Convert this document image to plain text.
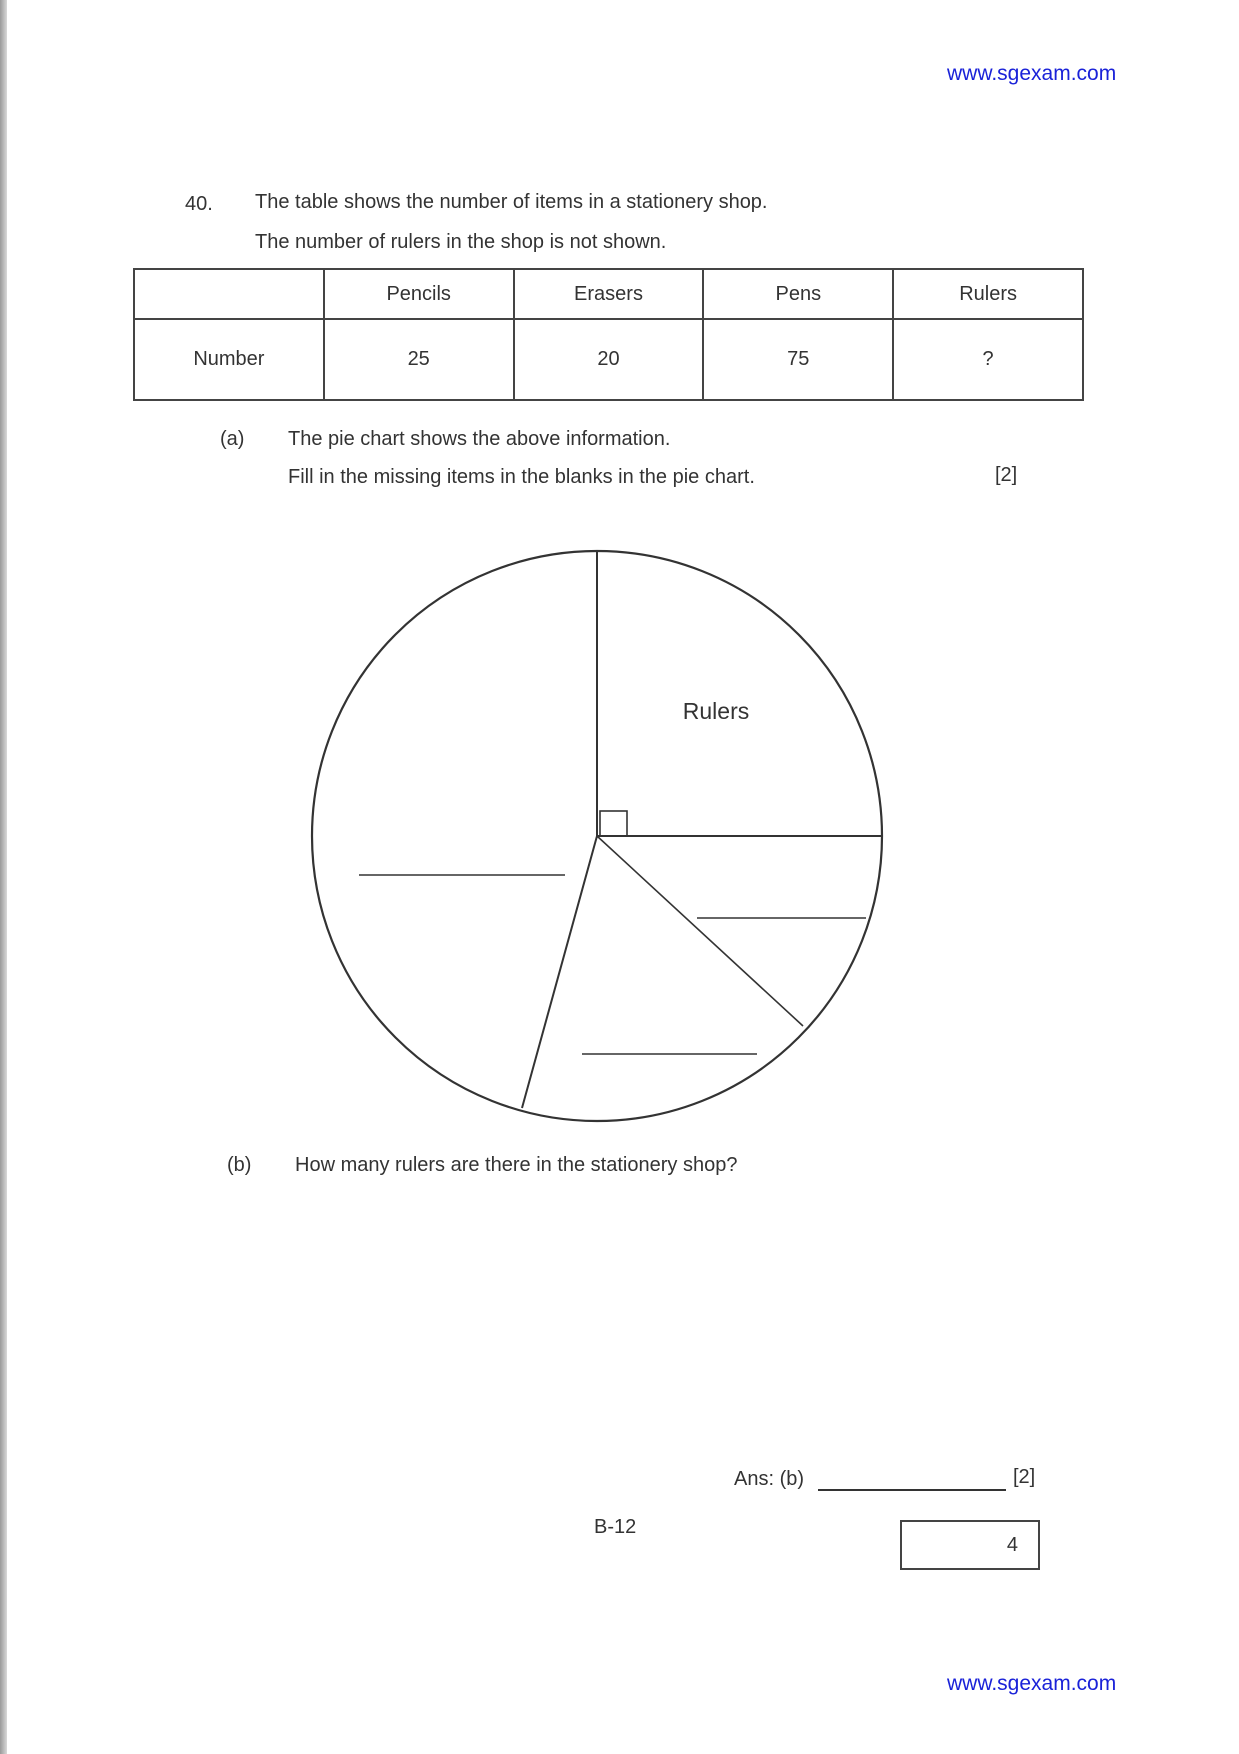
www.sgexam.com
40. The table shows the number of items in a stationery shop.
The number of rulers in the shop is not shown.
	Pencils	Erasers	Pens	Rulers
Number	25	20	75	?
(a) The pie chart shows the above information.
Fill in the missing items in the blanks in the pie chart.	[2]
Rulers
(b) How many rulers are there in the stationery shop?
Ans: (b)	[2]
B-12
4
www.sgexam.com
